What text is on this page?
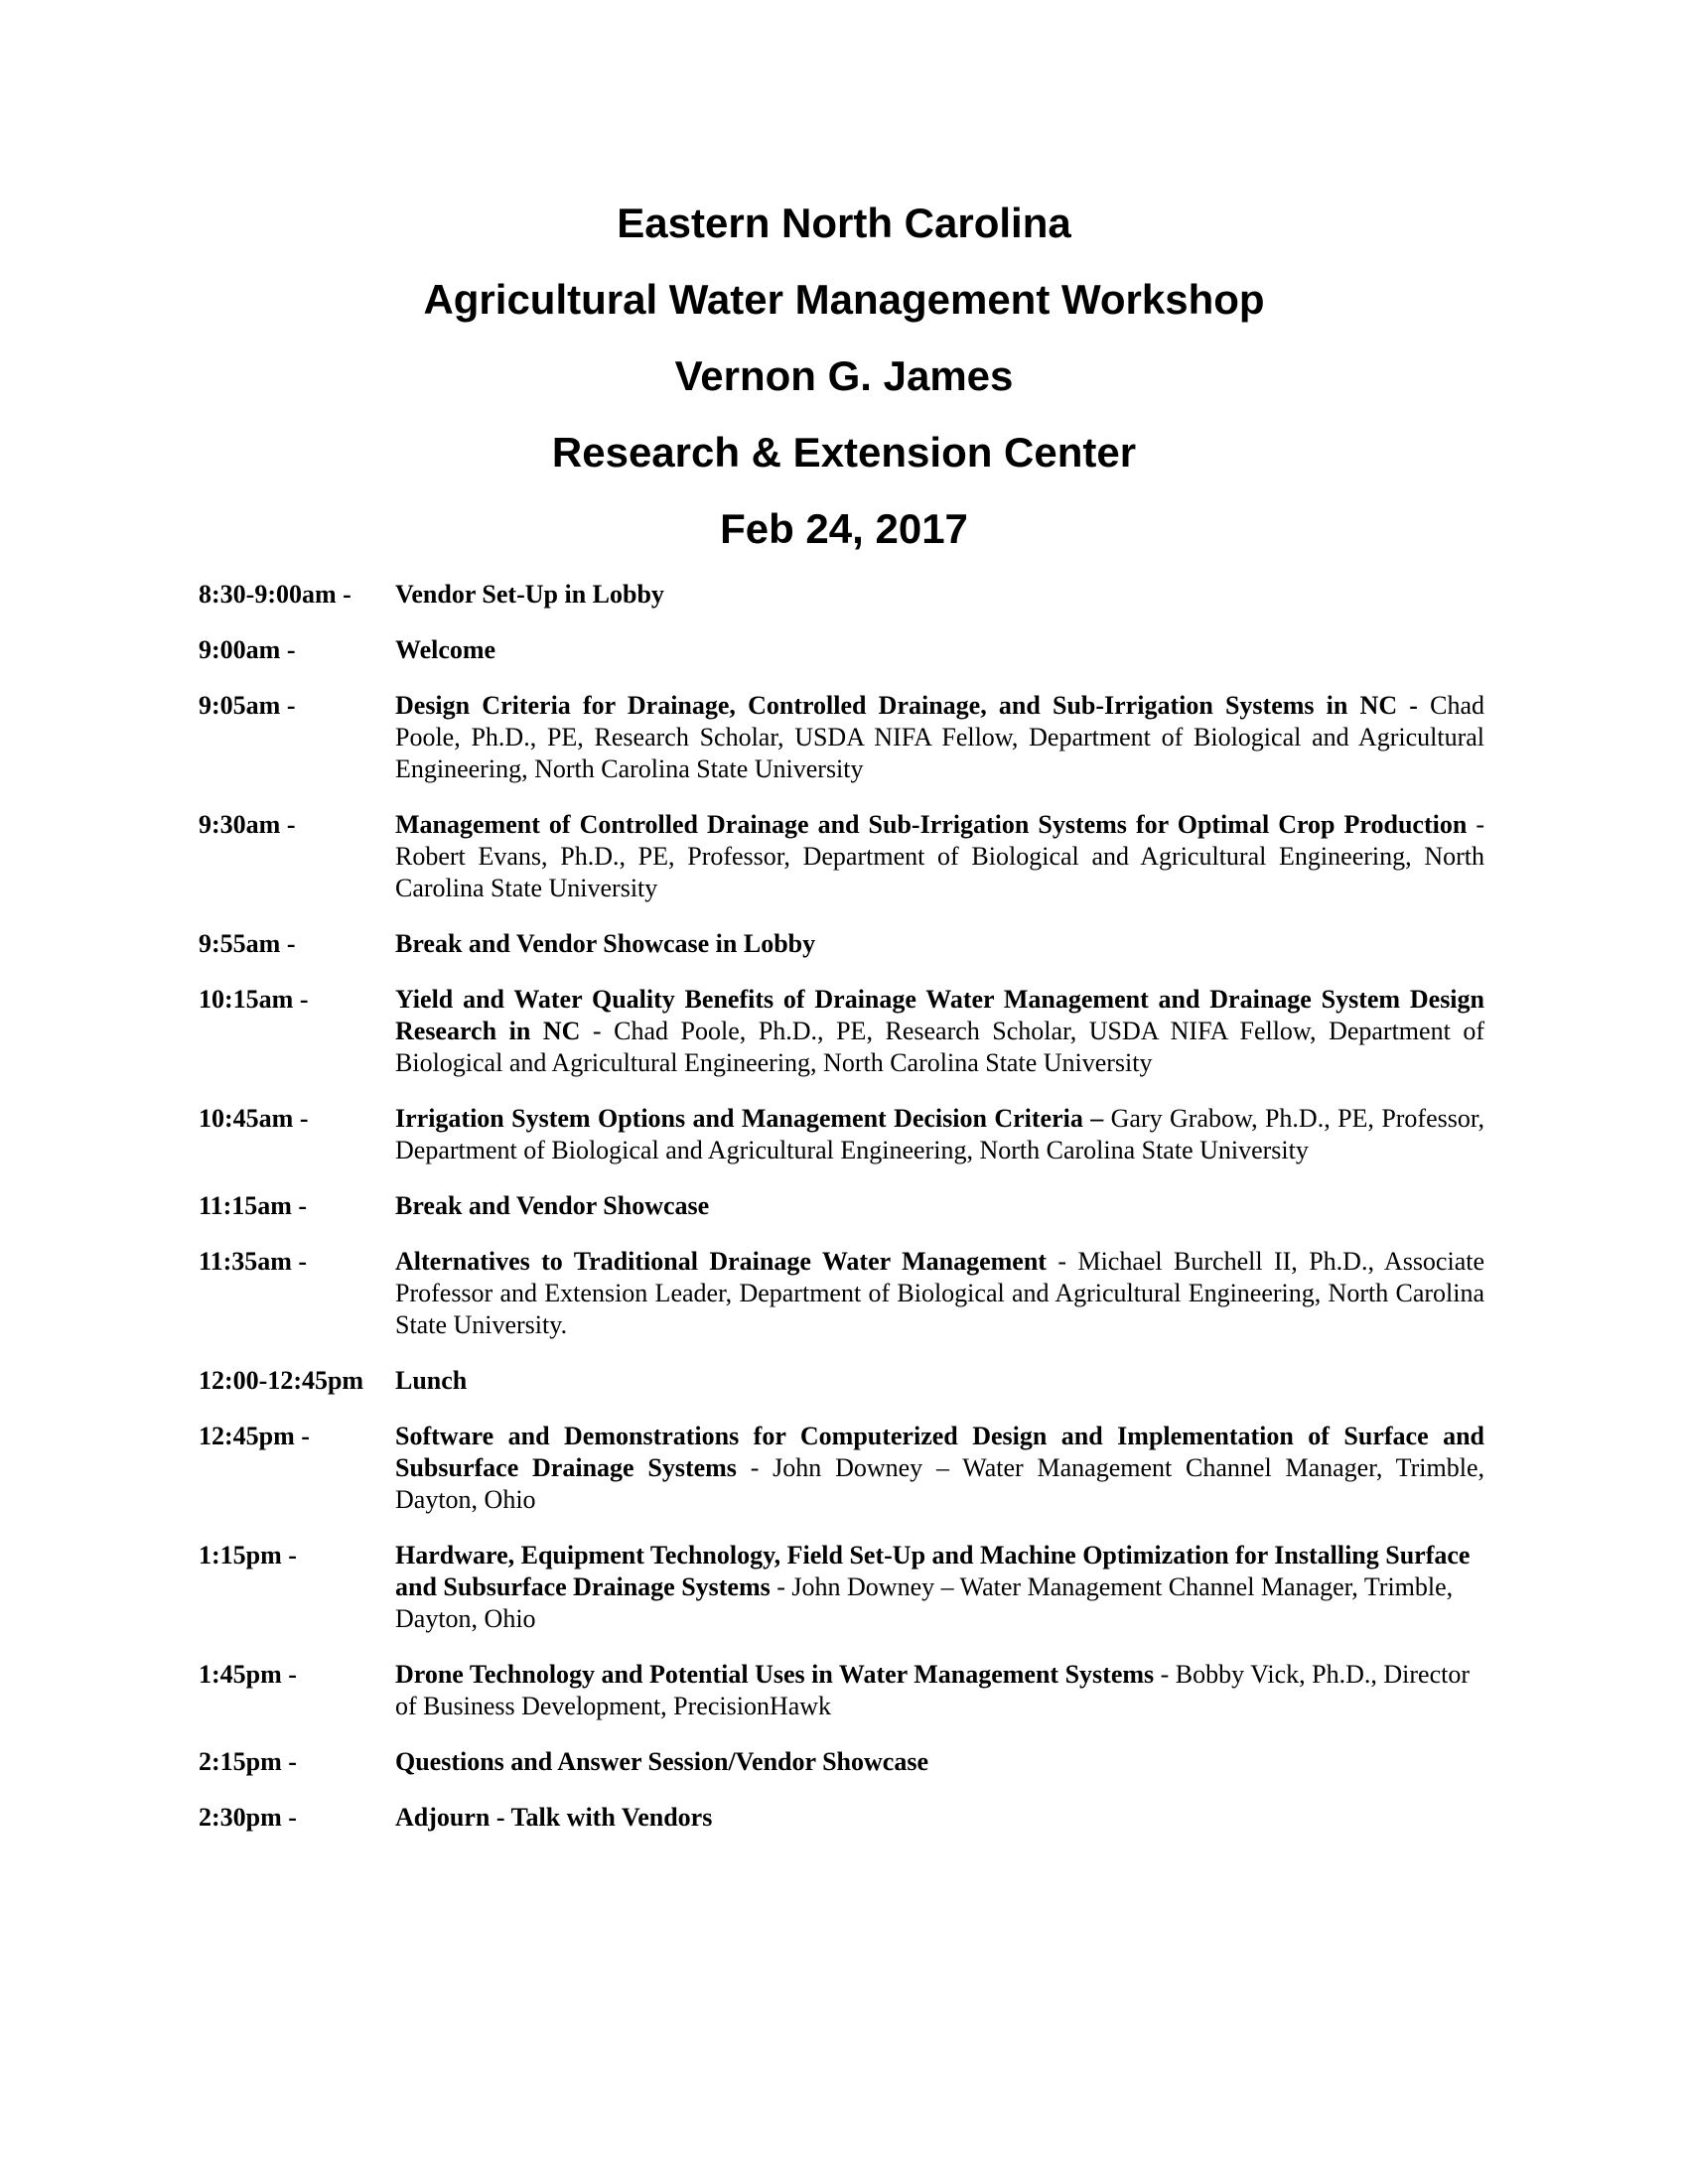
Eastern North Carolina
Agricultural Water Management Workshop
Vernon G. James
Research & Extension Center
Feb 24, 2017
8:30-9:00am -	Vendor Set-Up in Lobby
9:00am -	Welcome
9:05am -	Design Criteria for Drainage, Controlled Drainage, and Sub-Irrigation Systems in NC - Chad Poole, Ph.D., PE, Research Scholar, USDA NIFA Fellow, Department of Biological and Agricultural Engineering, North Carolina State University
9:30am -	Management of Controlled Drainage and Sub-Irrigation Systems for Optimal Crop Production - Robert Evans, Ph.D., PE, Professor, Department of Biological and Agricultural Engineering, North Carolina State University
9:55am -	Break and Vendor Showcase in Lobby
10:15am -	Yield and Water Quality Benefits of Drainage Water Management and Drainage System Design Research in NC - Chad Poole, Ph.D., PE, Research Scholar, USDA NIFA Fellow, Department of Biological and Agricultural Engineering, North Carolina State University
10:45am -	Irrigation System Options and Management Decision Criteria – Gary Grabow, Ph.D., PE, Professor, Department of Biological and Agricultural Engineering, North Carolina State University
11:15am -	Break and Vendor Showcase
11:35am -	Alternatives to Traditional Drainage Water Management - Michael Burchell II, Ph.D., Associate Professor and Extension Leader, Department of Biological and Agricultural Engineering, North Carolina State University.
12:00-12:45pm	Lunch
12:45pm -	Software and Demonstrations for Computerized Design and Implementation of Surface and Subsurface Drainage Systems - John Downey – Water Management Channel Manager, Trimble, Dayton, Ohio
1:15pm -	Hardware, Equipment Technology, Field Set-Up and Machine Optimization for Installing Surface and Subsurface Drainage Systems - John Downey – Water Management Channel Manager, Trimble, Dayton, Ohio
1:45pm -	Drone Technology and Potential Uses in Water Management Systems - Bobby Vick, Ph.D., Director of Business Development, PrecisionHawk
2:15pm -	Questions and Answer Session/Vendor Showcase
2:30pm -	Adjourn - Talk with Vendors
